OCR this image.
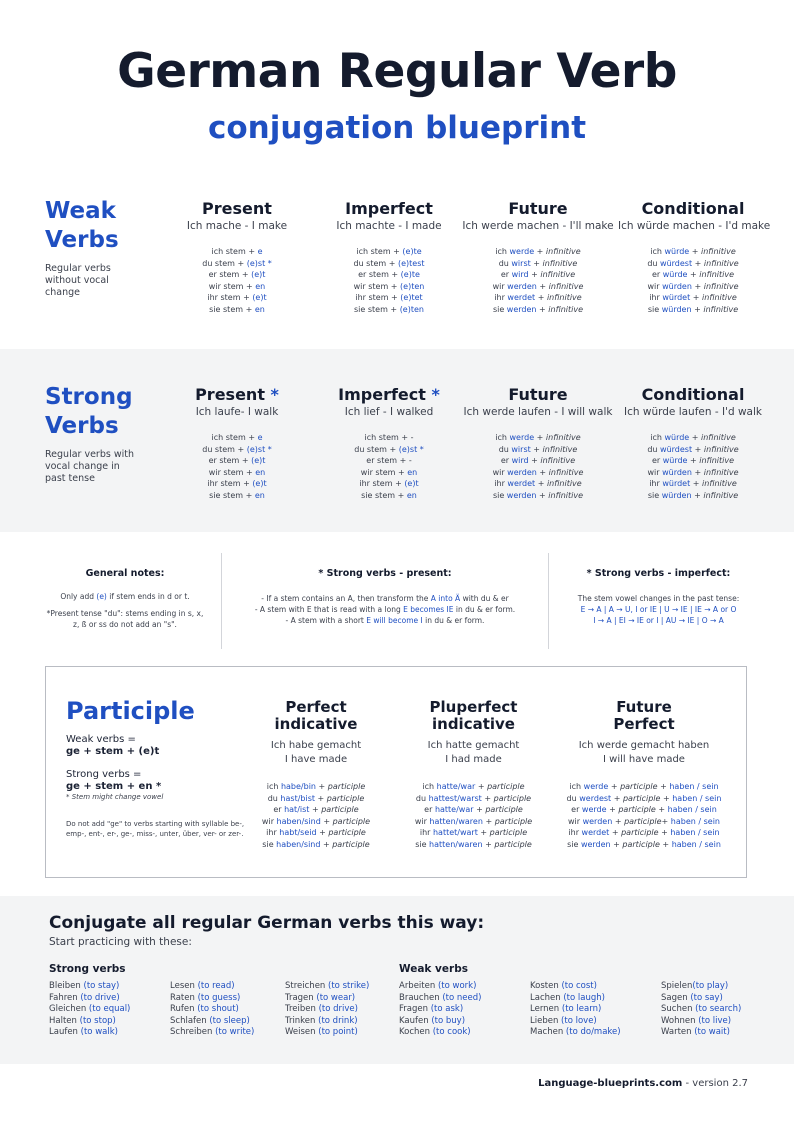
German Regular Verb
conjugation blueprint
Weak
Verbs
Regular verbs
without vocal
change
Present
Ich mache - I make
ich stem + e
du stem + (e)st *
er stem + (e)t
wir stem + en
ihr stem + (e)t
sie stem + en
Imperfect
Ich machte - I made
ich stem + (e)te
du stem + (e)test
er stem + (e)te
wir stem + (e)ten
ihr stem + (e)tet
sie stem + (e)ten
Future
Ich werde machen - I'll make
ich werde + infinitive
du wirst + infinitive
er wird + infinitive
wir werden + infinitive
ihr werdet + infinitive
sie werden + infinitive
Conditional
Ich würde machen - I'd make
ich würde + infinitive
du würdest + infinitive
er würde + infinitive
wir würden + infinitive
ihr würdet + infinitive
sie würden + infinitive
Strong
Verbs
Regular verbs with
vocal change in
past tense
Present *
Ich laufe- I walk
ich stem + e
du stem + (e)st *
er stem + (e)t
wir stem + en
ihr stem + (e)t
sie stem + en
Imperfect *
Ich lief - I walked
ich stem + -
du stem + (e)st *
er stem + -
wir stem + en
ihr stem + (e)t
sie stem + en
Future
Ich werde laufen - I will walk
ich werde + infinitive
du wirst + infinitive
er wird + infinitive
wir werden + infinitive
ihr werdet + infinitive
sie werden + infinitive
Conditional
Ich würde laufen - I'd walk
ich würde + infinitive
du würdest + infinitive
er würde + infinitive
wir würden + infinitive
ihr würdet + infinitive
sie würden + infinitive
General notes:
Only add (e) if stem ends in d or t.
*Present tense "du": stems ending in s, x, z, ß or ss do not add an "s".
* Strong verbs - present:
- If a stem contains an A, then transform the A into Ä with du & er
- A stem with E that is read with a long E becomes IE in du & er form.
- A stem with a short E will become I in du & er form.
* Strong verbs - imperfect:
The stem vowel changes in the past tense:
E → A | A → U, I or IE | U → IE | IE → A or O
I → A | EI → IE or I | AU → IE | O → A
Participle
Weak verbs =
ge + stem + (e)t
Strong verbs =
ge + stem + en *
* Stem might change vowel
Do not add "ge" to verbs starting with syllable be-, emp-, ent-, er-, ge-, miss-, unter, über, ver- or zer-.
Perfect
indicative
Ich habe gemacht
I have made
ich habe/bin + participle
du hast/bist + participle
er hat/ist + participle
wir haben/sind + participle
ihr habt/seid + participle
sie haben/sind + participle
Pluperfect
indicative
Ich hatte gemacht
I had made
ich hatte/war + participle
du hattest/warst + participle
er hatte/war + participle
wir hatten/waren + participle
ihr hattet/wart + participle
sie hatten/waren + participle
Future
Perfect
Ich werde gemacht haben
I will have made
ich werde + participle + haben / sein
du werdest + participle + haben / sein
er werde + participle + haben / sein
wir werden + participle+ haben / sein
ihr werdet + participle + haben / sein
sie werden + participle + haben / sein
Conjugate all regular German verbs this way:
Start practicing with these:
Strong verbs	Weak verbs
Bleiben (to stay)
Fahren (to drive)
Gleichen (to equal)
Halten (to stop)
Laufen (to walk)
Lesen (to read)
Raten (to guess)
Rufen (to shout)
Schlafen (to sleep)
Schreiben (to write)
Streichen (to strike)
Tragen (to wear)
Treiben (to drive)
Trinken (to drink)
Weisen (to point)
Arbeiten (to work)
Brauchen (to need)
Fragen (to ask)
Kaufen (to buy)
Kochen (to cook)
Kosten (to cost)
Lachen (to laugh)
Lernen (to learn)
Lieben (to love)
Machen (to do/make)
Spielen(to play)
Sagen (to say)
Suchen (to search)
Wohnen (to live)
Warten (to wait)
Language-blueprints.com - version 2.7
